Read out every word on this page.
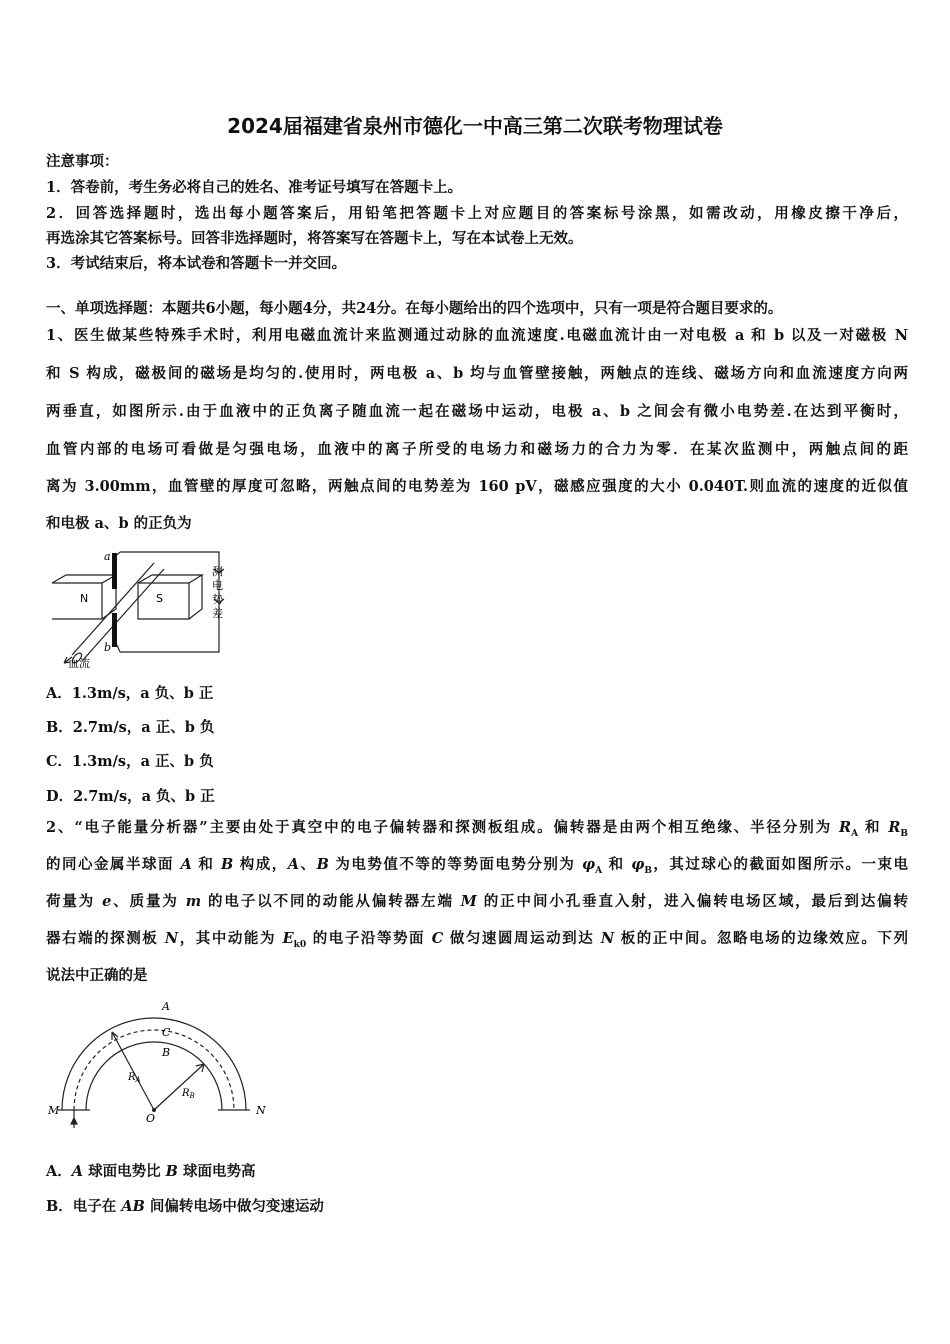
2024届福建省泉州市德化一中高三第二次联考物理试卷
注意事项：
1．答卷前，考生务必将自己的姓名、准考证号填写在答题卡上。
2．回答选择题时，选出每小题答案后，用铅笔把答题卡上对应题目的答案标号涂黑，如需改动，用橡皮擦干净后，
再选涂其它答案标号。回答非选择题时，将答案写在答题卡上，写在本试卷上无效。
3．考试结束后，将本试卷和答题卡一并交回。
一、单项选择题：本题共6小题，每小题4分，共24分。在每小题给出的四个选项中，只有一项是符合题目要求的。
1、医生做某些特殊手术时，利用电磁血流计来监测通过动脉的血流速度.电磁血流计由一对电极 a 和 b 以及一对磁极 N
和 S 构成，磁极间的磁场是均匀的.使用时，两电极 a、b 均与血管壁接触，两触点的连线、磁场方向和血流速度方向两
两垂直，如图所示.由于血液中的正负离子随血流一起在磁场中运动，电极 a、b 之间会有微小电势差.在达到平衡时，
血管内部的电场可看做是匀强电场，血液中的离子所受的电场力和磁场力的合力为零．在某次监测中，两触点间的距
离为 3.00mm，血管壁的厚度可忽略，两触点间的电势差为 160 pV，磁感应强度的大小 0.040T.则血流的速度的近似值
和电极 a、b 的正负为
a
b
N	S
血流
测
电
势
差
A．1.3m/s，a 负、b 正
B．2.7m/s，a 正、b 负
C．1.3m/s，a 正、b 负
D．2.7m/s，a 负、b 正
2、“电子能量分析器”主要由处于真空中的电子偏转器和探测板组成。偏转器是由两个相互绝缘、半径分别为 $R_A$ 和 $R_B$
的同心金属半球面 A 和 B 构成，A、B 为电势值不等的等势面电势分别为 $\varphi_A$ 和 $\varphi_B$，其过球心的截面如图所示。一束电
荷量为 e、质量为 m 的电子以不同的动能从偏转器左端 M 的正中间小孔垂直入射，进入偏转电场区域，最后到达偏转
器右端的探测板 N，其中动能为 $E_{k0}$ 的电子沿等势面 C 做匀速圆周运动到达 N 板的正中间。忽略电场的边缘效应。下列
说法中正确的是
A
C
B
M	N
O
$R_A$
$R_B$
A．A 球面电势比 B 球面电势高
B．电子在 AB 间偏转电场中做匀变速运动
